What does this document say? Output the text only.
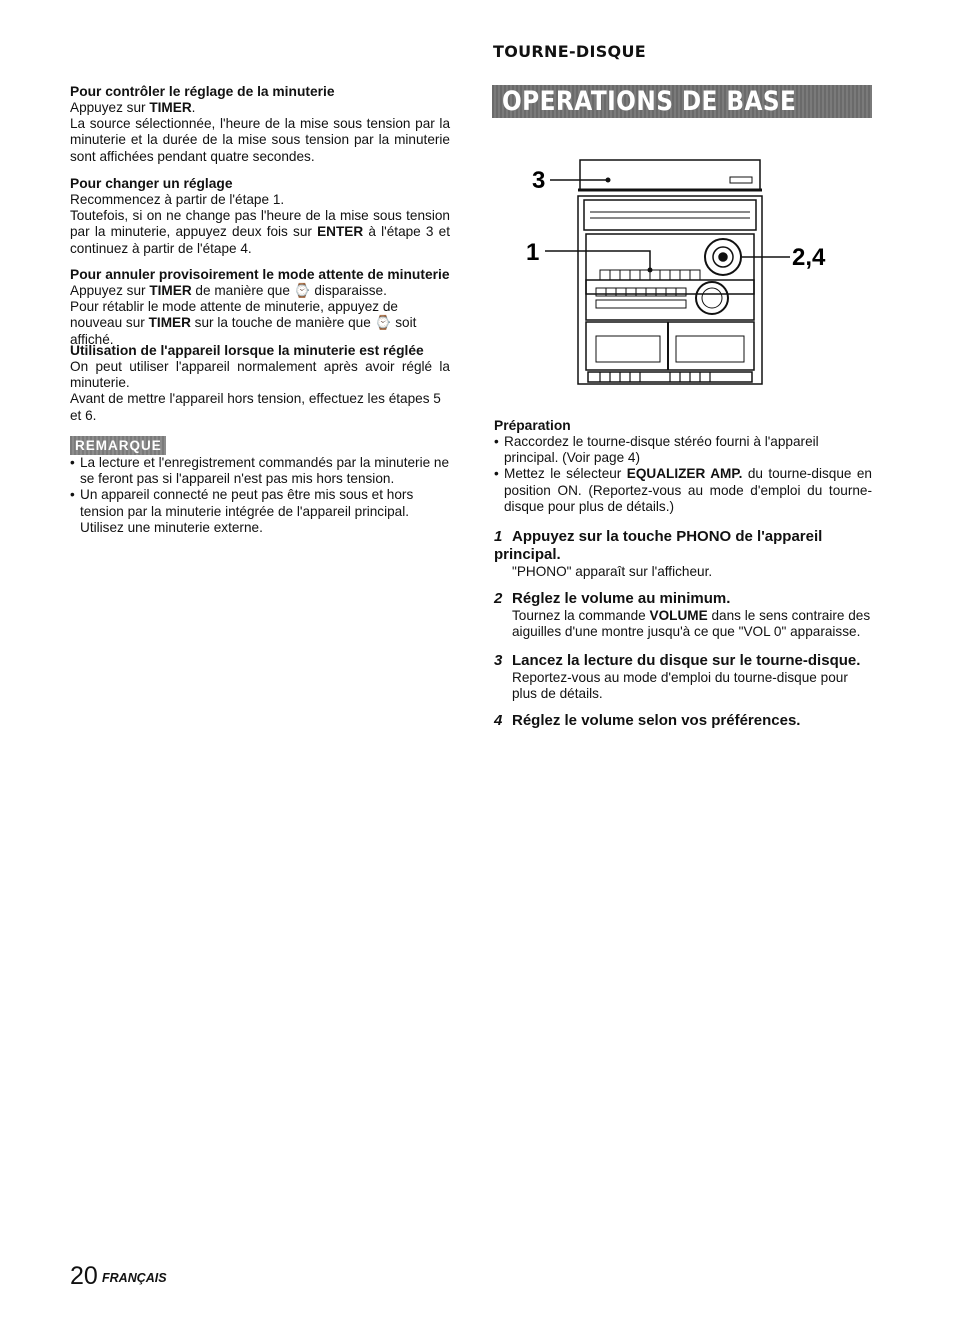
TOURNE-DISQUE
OPERATIONS DE BASE

Pour contrôler le réglage de la minuterie

Appuyez sur TIMER.

La source sélectionnée, l'heure de la mise sous tension par la minuterie et la durée de la mise sous tension par la minuterie sont affichées pendant quatre secondes.

Pour changer un réglage

Recommencez à partir de l'étape 1.

Toutefois, si on ne change pas l'heure de la mise sous tension par la minuterie, appuyez deux fois sur ENTER à l'étape 3 et continuez à partir de l'étape 4.

Pour annuler provisoirement le mode attente de minuterie

Appuyez sur TIMER de manière que ⌚ disparaisse.

Pour rétablir le mode attente de minuterie, appuyez de nouveau sur TIMER sur la touche de manière que ⌚ soit affiché.

Utilisation de l'appareil lorsque la minuterie est réglée

On peut utiliser l'appareil normalement après avoir réglé la minuterie.

Avant de mettre l'appareil hors tension, effectuez les étapes 5 et 6.

REMARQUE
• La lecture et l'enregistrement commandés par la minuterie ne se feront pas si l'appareil n'est pas mis hors tension.
• Un appareil connecté ne peut pas être mis sous et hors tension par la minuterie intégrée de l'appareil principal. Utilisez une minuterie externe.
3
1	2,4

Préparation

• Raccordez le tourne-disque stéréo fourni à l'appareil principal. (Voir page 4)
• Mettez le sélecteur EQUALIZER AMP. du tourne-disque en position ON. (Reportez-vous au mode d'emploi du tourne-disque pour plus de détails.)

1 Appuyez sur la touche PHONO de l'appareil principal.

"PHONO" apparaît sur l'afficheur.

2 Réglez le volume au minimum.

Tournez la commande VOLUME dans le sens contraire des aiguilles d'une montre jusqu'à ce que "VOL 0" apparaisse.

3 Lancez la lecture du disque sur le tourne-disque.

Reportez-vous au mode d'emploi du tourne-disque pour plus de détails.

4 Réglez le volume selon vos préférences.

20 FRANÇAIS
